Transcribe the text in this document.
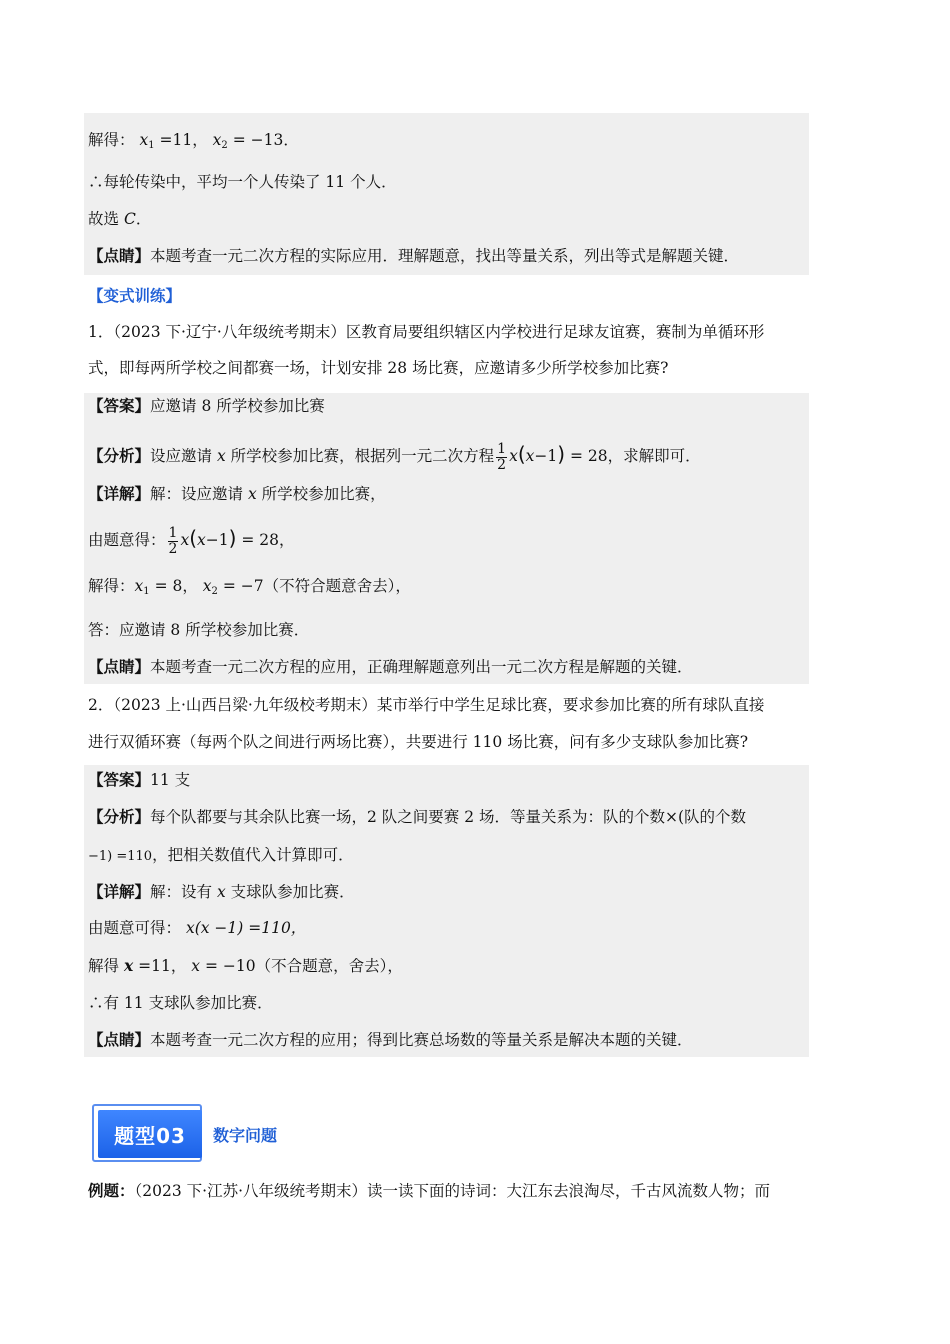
解得： $x_1 =11$， $x_2 = -13$．
∴每轮传染中，平均一个人传染了 11 个人．
故选 C．
【点睛】本题考查一元二次方程的实际应用．理解题意，找出等量关系，列出等式是解题关键．
【变式训练】
1．（2023 下·辽宁·八年级统考期末）区教育局要组织辖区内学校进行足球友谊赛，赛制为单循环形
式，即每两所学校之间都赛一场，计划安排 28 场比赛，应邀请多少所学校参加比赛?
【答案】应邀请 8 所学校参加比赛
【分析】设应邀请 x 所学校参加比赛，根据列一元二次方程 $\frac{1}{2} x(x-1) = 28$，求解即可．
【详解】解：设应邀请 x 所学校参加比赛，
由题意得： $\frac{1}{2} x(x-1) = 28$，
解得：$x_1 = 8$， $x_2 = -7$（不符合题意舍去），
答：应邀请 8 所学校参加比赛．
【点睛】本题考查一元二次方程的应用，正确理解题意列出一元二次方程是解题的关键．
2．（2023 上·山西吕梁·九年级校考期末）某市举行中学生足球比赛，要求参加比赛的所有球队直接
进行双循环赛（每两个队之间进行两场比赛），共要进行 110 场比赛，问有多少支球队参加比赛?
【答案】11 支
【分析】每个队都要与其余队比赛一场，2 队之间要赛 2 场．等量关系为：队的个数×(队的个数
−1) =110，把相关数值代入计算即可．
【详解】解：设有 x 支球队参加比赛．
由题意可得： x(x −1) =110，
解得 x =11， x = −10（不合题意，舍去），
∴有 11 支球队参加比赛．
【点睛】本题考查一元二次方程的应用；得到比赛总场数的等量关系是解决本题的关键．
题型03	数字问题
例题：（2023 下·江苏·八年级统考期末）读一读下面的诗词：大江东去浪淘尽，千古风流数人物；而
